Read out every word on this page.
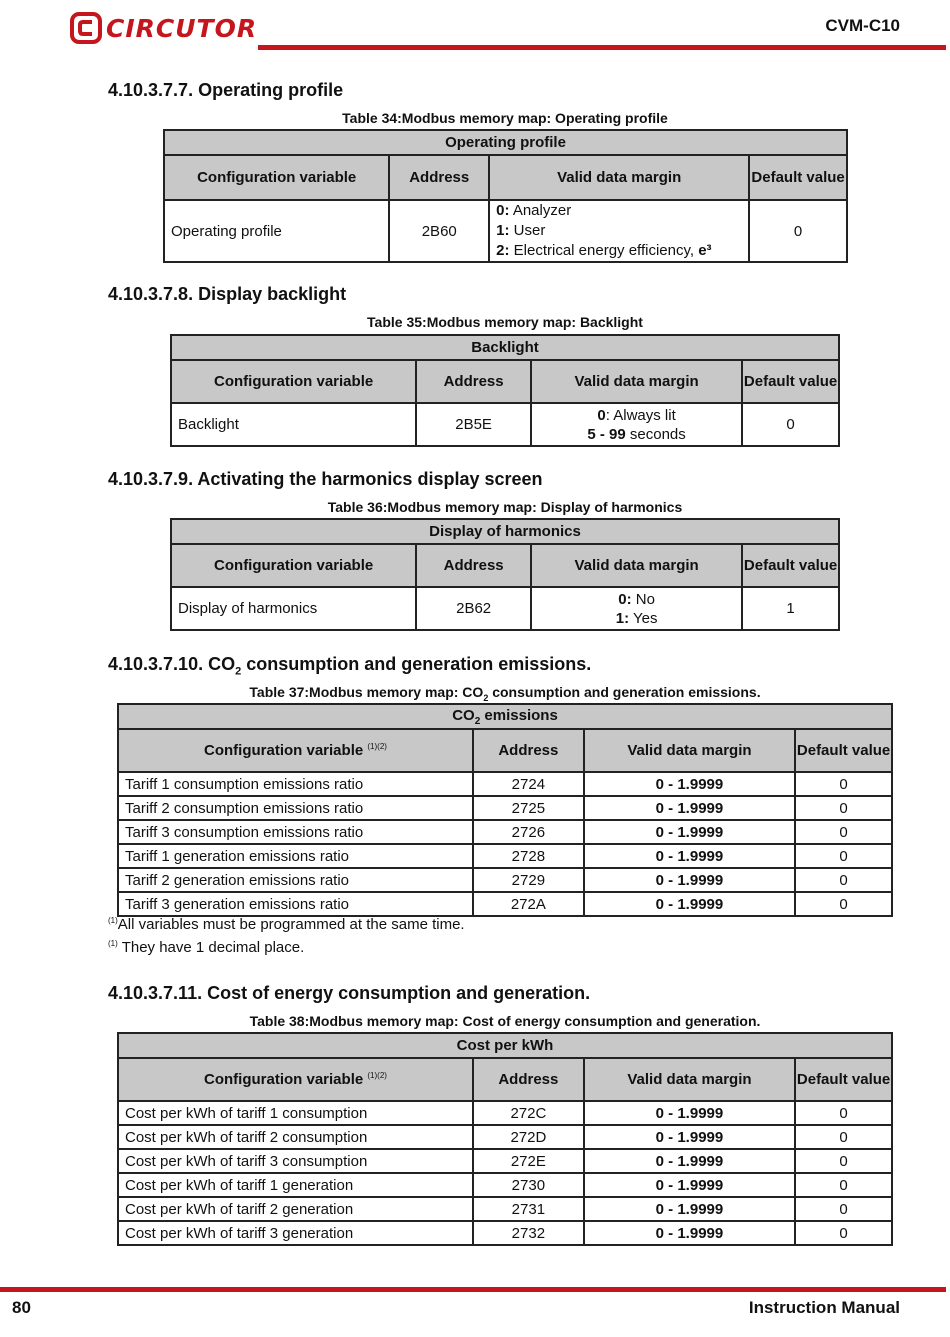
CIRCUTOR	CVM-C10
4.10.3.7.7. Operating profile
Table 34:Modbus memory map: Operating profile
Operating profile			
Configuration variable	Address	Valid data margin	Default value
Operating profile	2B60	0: Analyzer
1: User
2: Electrical energy efficiency, e³	0
4.10.3.7.8. Display backlight
Table 35:Modbus memory map: Backlight
Backlight			
Configuration variable	Address	Valid data margin	Default value
Backlight	2B5E	0: Always lit
5 - 99 seconds	0
4.10.3.7.9. Activating the harmonics display screen
Table 36:Modbus memory map: Display of harmonics
Display of harmonics			
Configuration variable	Address	Valid data margin	Default value
Display of harmonics	2B62	0: No
1: Yes	1
4.10.3.7.10. $CO_2$ consumption and generation emissions.
Table 37:Modbus memory map: $CO_2$ consumption and generation emissions.
$CO_2$ emissions			
Configuration variable $^{(1)(2)}$	Address	Valid data margin	Default value
Tariff 1 consumption emissions ratio	2724	0 - 1.9999	0
Tariff 2 consumption emissions ratio	2725	0 - 1.9999	0
Tariff 3 consumption emissions ratio	2726	0 - 1.9999	0
Tariff 1 generation emissions ratio	2728	0 - 1.9999	0
Tariff 2 generation emissions ratio	2729	0 - 1.9999	0
Tariff 3 generation emissions ratio	272A	0 - 1.9999	0
$^{(1)}$All variables must be programmed at the same time.
$^{(1)}$ They have 1 decimal place.
4.10.3.7.11. Cost of energy consumption and generation.
Table 38:Modbus memory map: Cost of energy consumption and generation.
Cost per kWh			
Configuration variable $^{(1)(2)}$	Address	Valid data margin	Default value
Cost per kWh of tariff 1 consumption	272C	0 - 1.9999	0
Cost per kWh of tariff 2 consumption	272D	0 - 1.9999	0
Cost per kWh of tariff 3 consumption	272E	0 - 1.9999	0
Cost per kWh of tariff 1 generation	2730	0 - 1.9999	0
Cost per kWh of tariff 2 generation	2731	0 - 1.9999	0
Cost per kWh of tariff 3 generation	2732	0 - 1.9999	0
80	Instruction Manual
